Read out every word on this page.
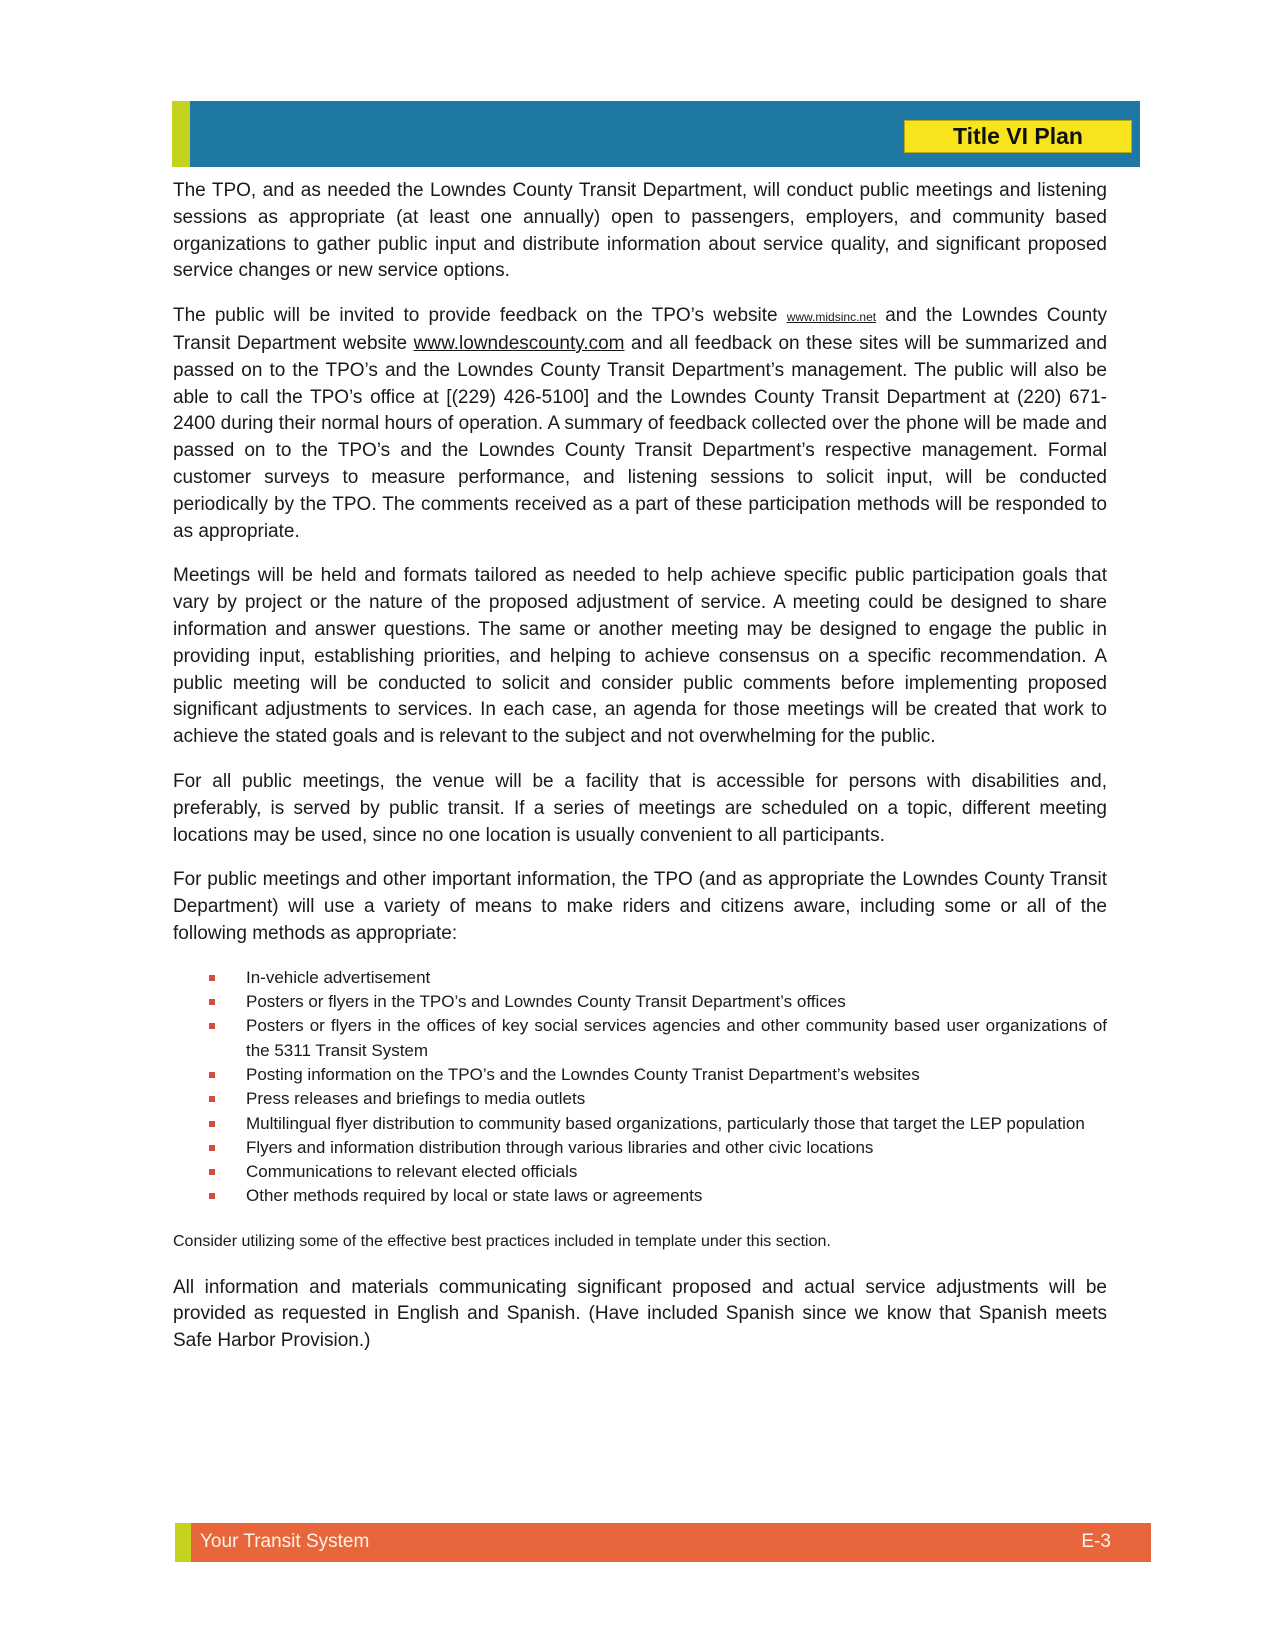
Title VI Plan

The TPO, and as needed the Lowndes County Transit Department, will conduct public meetings and listening sessions as appropriate (at least one annually) open to passengers, employers, and community based organizations to gather public input and distribute information about service quality, and significant proposed service changes or new service options.

The public will be invited to provide feedback on the TPO’s website www.midsinc.net and the Lowndes County Transit Department website www.lowndescounty.com and all feedback on these sites will be summarized and passed on to the TPO’s and the Lowndes County Transit Department’s management. The public will also be able to call the TPO’s office at [(229) 426-5100] and the Lowndes County Transit Department at (220) 671-2400 during their normal hours of operation. A summary of feedback collected over the phone will be made and passed on to the TPO’s and the Lowndes County Transit Department’s respective management. Formal customer surveys to measure performance, and listening sessions to solicit input, will be conducted periodically by the TPO. The comments received as a part of these participation methods will be responded to as appropriate.

Meetings will be held and formats tailored as needed to help achieve specific public participation goals that vary by project or the nature of the proposed adjustment of service. A meeting could be designed to share information and answer questions. The same or another meeting may be designed to engage the public in providing input, establishing priorities, and helping to achieve consensus on a specific recommendation. A public meeting will be conducted to solicit and consider public comments before implementing proposed significant adjustments to services. In each case, an agenda for those meetings will be created that work to achieve the stated goals and is relevant to the subject and not overwhelming for the public.

For all public meetings, the venue will be a facility that is accessible for persons with disabilities and, preferably, is served by public transit. If a series of meetings are scheduled on a topic, different meeting locations may be used, since no one location is usually convenient to all participants.

For public meetings and other important information, the TPO (and as appropriate the Lowndes County Transit Department) will use a variety of means to make riders and citizens aware, including some or all of the following methods as appropriate:

In-vehicle advertisement
Posters or flyers in the TPO’s and Lowndes County Transit Department’s offices
Posters or flyers in the offices of key social services agencies and other community based user organizations of the 5311 Transit System
Posting information on the TPO’s and the Lowndes County Tranist Department’s websites
Press releases and briefings to media outlets
Multilingual flyer distribution to community based organizations, particularly those that target the LEP population
Flyers and information distribution through various libraries and other civic locations
Communications to relevant elected officials
Other methods required by local or state laws or agreements

Consider utilizing some of the effective best practices included in template under this section.

All information and materials communicating significant proposed and actual service adjustments will be provided as requested in English and Spanish. (Have included Spanish since we know that Spanish meets Safe Harbor Provision.)

Your Transit System	E-3
